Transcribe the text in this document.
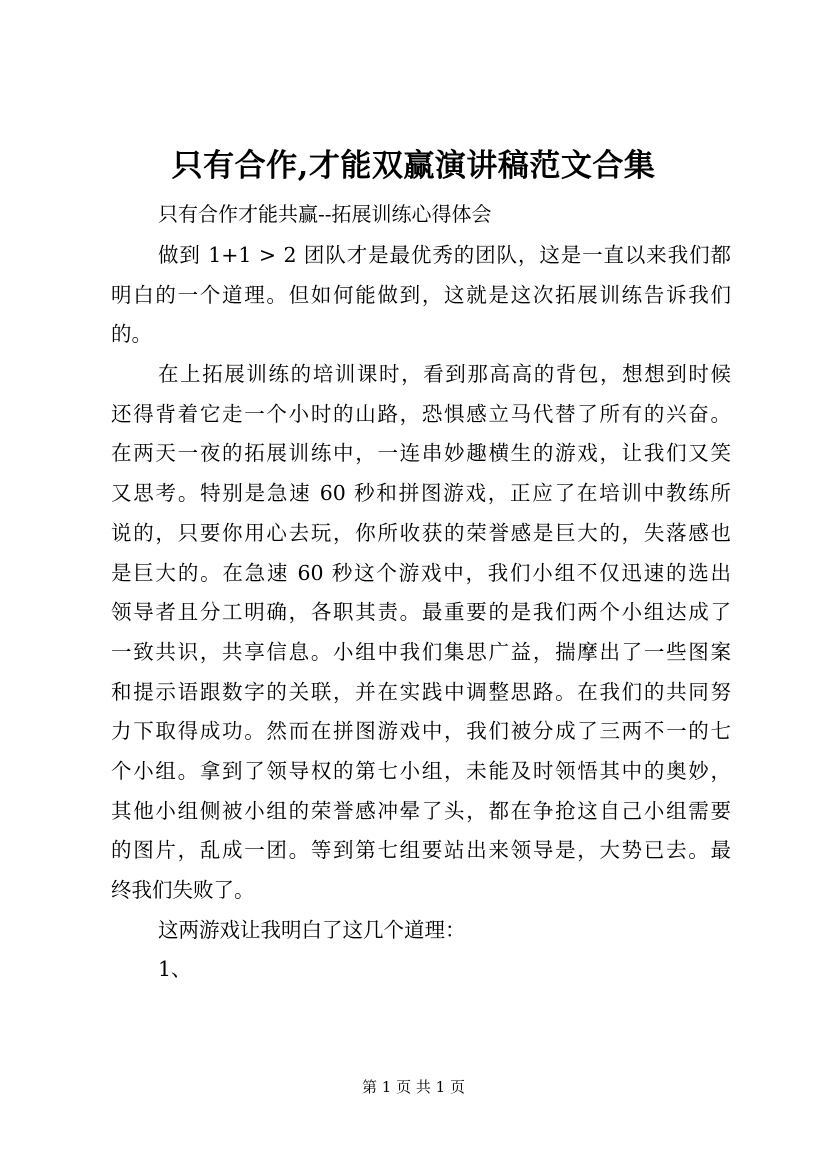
只有合作,才能双赢演讲稿范文合集
只有合作才能共赢--拓展训练心得体会
做到 1+1 > 2 团队才是最优秀的团队，这是一直以来我们都
明白的一个道理。但如何能做到，这就是这次拓展训练告诉我们
的。
在上拓展训练的培训课时，看到那高高的背包，想想到时候
还得背着它走一个小时的山路，恐惧感立马代替了所有的兴奋。
在两天一夜的拓展训练中，一连串妙趣横生的游戏，让我们又笑
又思考。特别是急速 60 秒和拼图游戏，正应了在培训中教练所
说的，只要你用心去玩，你所收获的荣誉感是巨大的，失落感也
是巨大的。在急速 60 秒这个游戏中，我们小组不仅迅速的选出
领导者且分工明确，各职其责。最重要的是我们两个小组达成了
一致共识，共享信息。小组中我们集思广益，揣摩出了一些图案
和提示语跟数字的关联，并在实践中调整思路。在我们的共同努
力下取得成功。然而在拼图游戏中，我们被分成了三两不一的七
个小组。拿到了领导权的第七小组，未能及时领悟其中的奥妙，
其他小组侧被小组的荣誉感冲晕了头，都在争抢这自己小组需要
的图片，乱成一团。等到第七组要站出来领导是，大势已去。最
终我们失败了。
这两游戏让我明白了这几个道理：
1、
第 1 页 共 1 页
